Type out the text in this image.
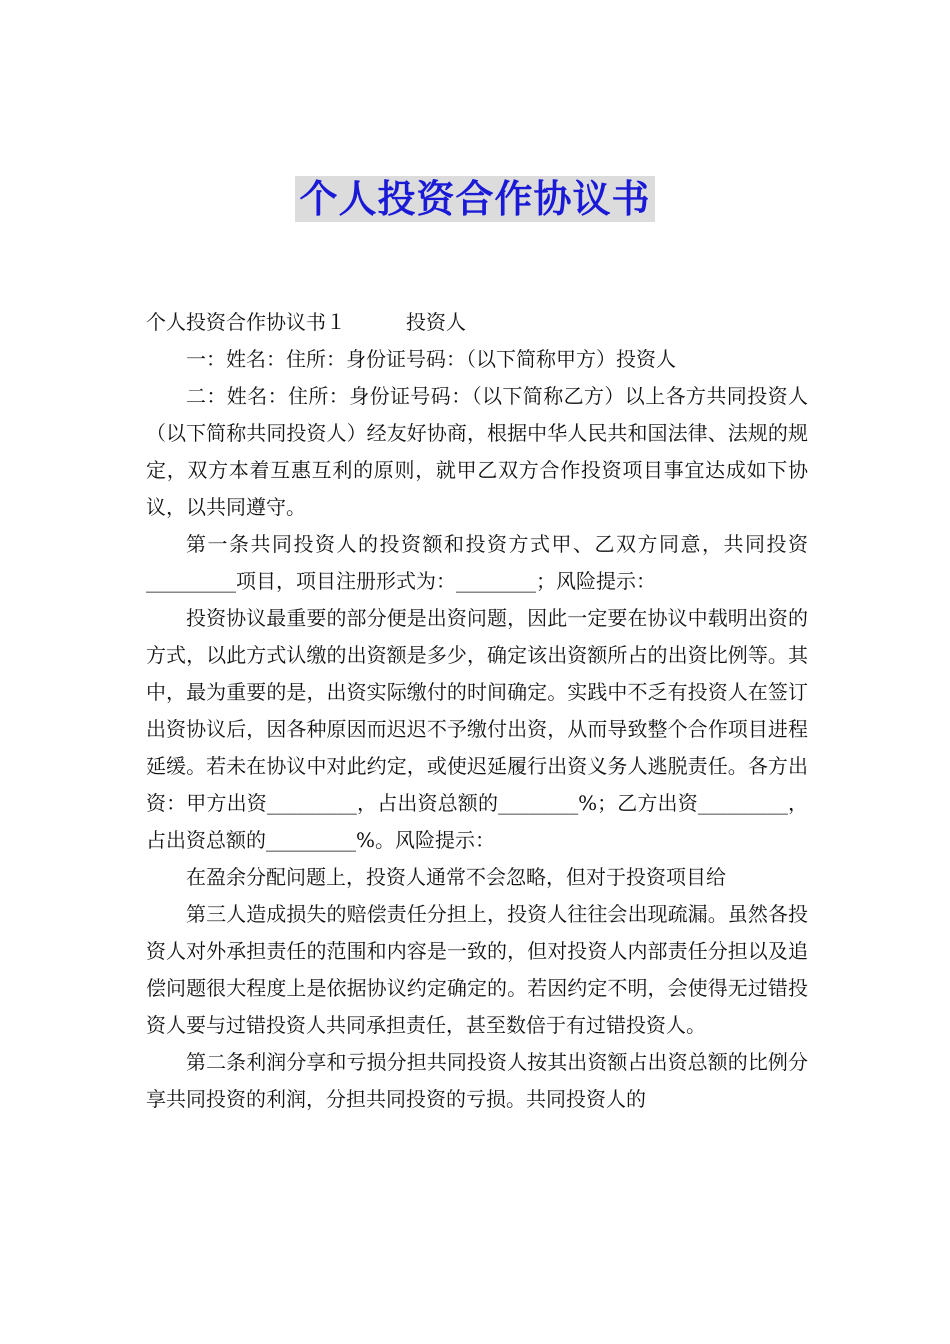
个人投资合作协议书

个人投资合作协议书１　　　投资人

一：姓名：住所：身份证号码：（以下简称甲方）投资人

二：姓名：住所：身份证号码：（以下简称乙方）以上各方共同投资人（以下简称共同投资人）经友好协商，根据中华人民共和国法律、法规的规定，双方本着互惠互利的原则，就甲乙双方合作投资项目事宜达成如下协议，以共同遵守。

第一条共同投资人的投资额和投资方式甲、乙双方同意，共同投资_________项目，项目注册形式为：________；风险提示：

投资协议最重要的部分便是出资问题，因此一定要在协议中载明出资的方式，以此方式认缴的出资额是多少，确定该出资额所占的出资比例等。其中，最为重要的是，出资实际缴付的时间确定。实践中不乏有投资人在签订出资协议后，因各种原因而迟迟不予缴付出资，从而导致整个合作项目进程延缓。若未在协议中对此约定，或使迟延履行出资义务人逃脱责任。各方出资：甲方出资_________，占出资总额的________%；乙方出资_________，占出资总额的_________%。风险提示：

在盈余分配问题上，投资人通常不会忽略，但对于投资项目给

第三人造成损失的赔偿责任分担上，投资人往往会出现疏漏。虽然各投资人对外承担责任的范围和内容是一致的，但对投资人内部责任分担以及追偿问题很大程度上是依据协议约定确定的。若因约定不明，会使得无过错投资人要与过错投资人共同承担责任，甚至数倍于有过错投资人。

第二条利润分享和亏损分担共同投资人按其出资额占出资总额的比例分享共同投资的利润，分担共同投资的亏损。共同投资人的
